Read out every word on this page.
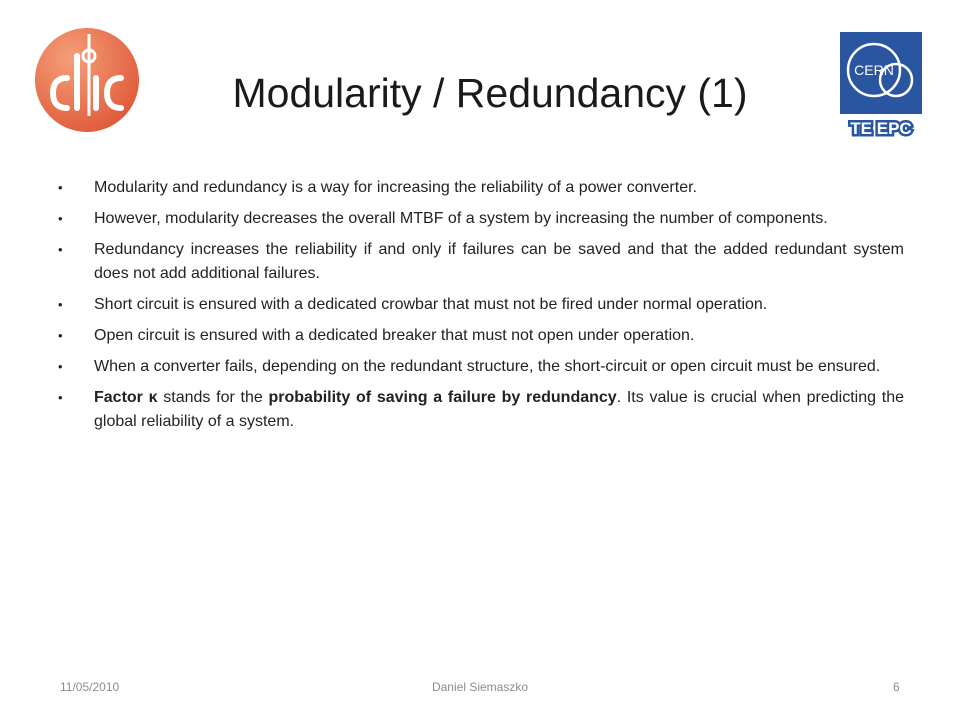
CERN
TE EPC
Modularity / Redundancy (1)
• Modularity and redundancy is a way for increasing the reliability of a power converter.
• However, modularity decreases the overall MTBF of a system by increasing the number of components.
• Redundancy increases the reliability if and only if failures can be saved and that the added redundant system does not add additional failures.
• Short circuit is ensured with a dedicated crowbar that must not be fired under normal operation.
• Open circuit is ensured with a dedicated breaker that must not open under operation.
• When a converter fails, depending on the redundant structure, the short-circuit or open circuit must be ensured.
• Factor κ stands for the probability of saving a failure by redundancy. Its value is crucial when predicting the global reliability of a system.
11/05/2010	Daniel Siemaszko	6
